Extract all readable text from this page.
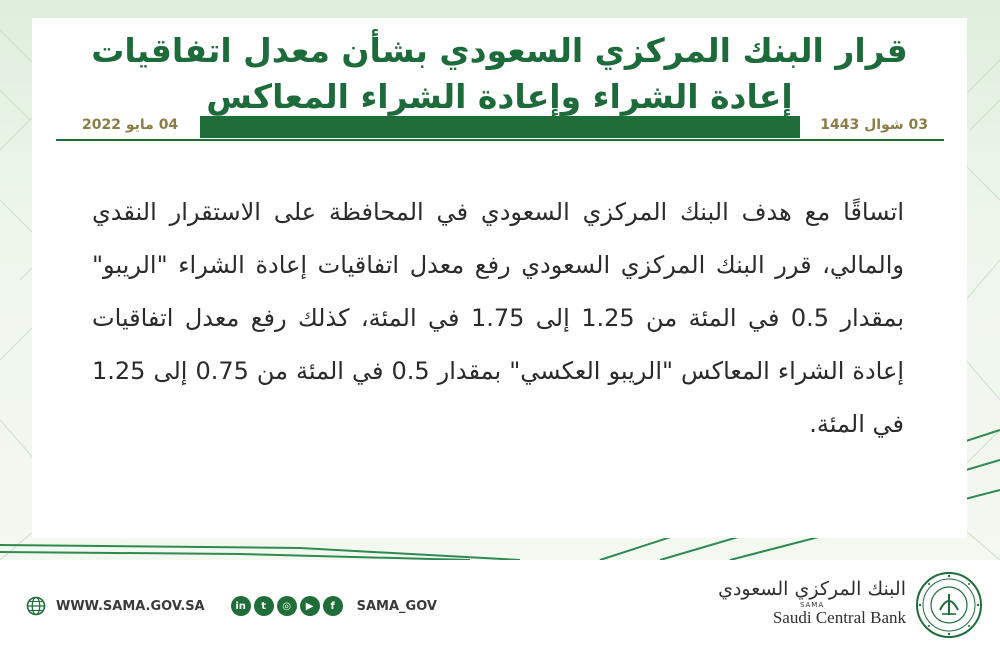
قرار البنك المركزي السعودي بشأن معدل اتفاقيات
إعادة الشراء وإعادة الشراء المعاكس
03 شوال 1443
04 مايو 2022
اتساقًا مع هدف البنك المركزي السعودي في المحافظة على الاستقرار النقدي والمالي، قرر البنك المركزي السعودي رفع معدل اتفاقيات إعادة الشراء "الريبو" بمقدار 0.5 في المئة من 1.25 إلى 1.75 في المئة، كذلك رفع معدل اتفاقيات إعادة الشراء المعاكس "الريبو العكسي" بمقدار 0.5 في المئة من 0.75 إلى 1.25 في المئة.
WWW.SAMA.GOV.SA	in	t	◎	▶	f	SAMA_GOV
البنك المركزي السعودي
SAMA
Saudi Central Bank
